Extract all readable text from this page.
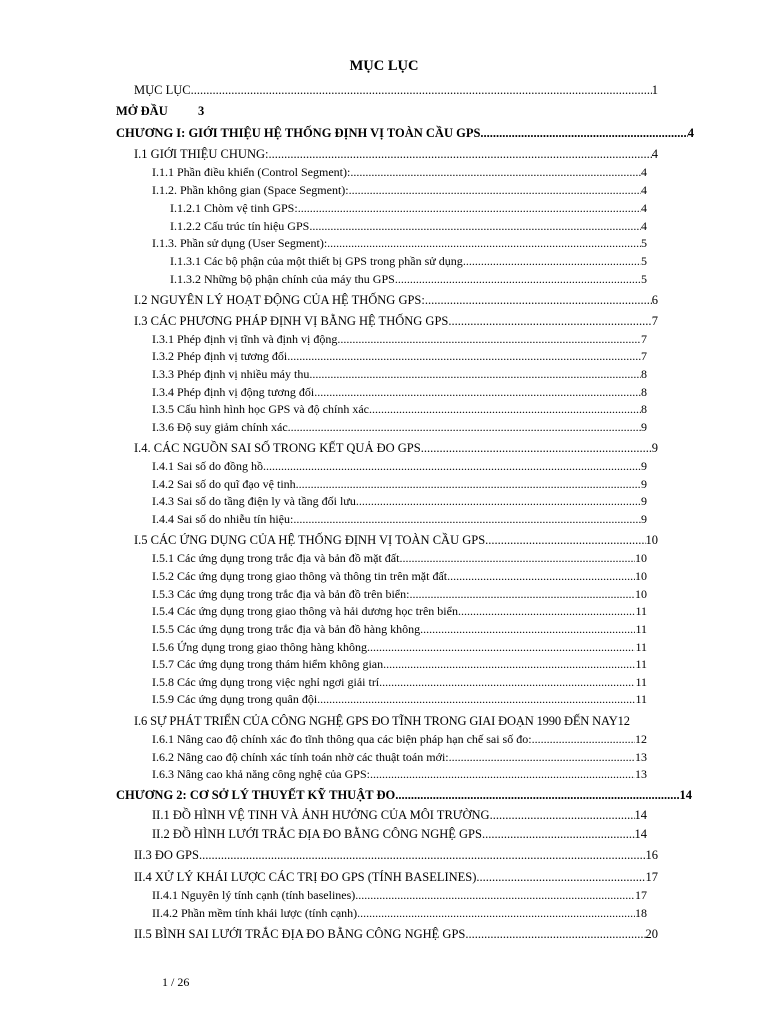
MỤC LỤC
MỤC LỤC .....	1
MỞ ĐẦU	3
CHƯƠNG I: GIỚI THIỆU HỆ THỐNG ĐỊNH VỊ TOÀN CẦU GPS .....	4
I.1 GIỚI THIỆU CHUNG: .....	4
I.1.1 Phần điều khiển (Control Segment): .....	4
I.1.2. Phần không gian (Space Segment): .....	4
I.1.2.1 Chòm vệ tinh GPS: .....	4
I.1.2.2 Cấu trúc tín hiệu GPS .....	4
I.1.3. Phần sử dụng (User Segment): .....	5
I.1.3.1 Các bộ phận của một thiết bị GPS trong phần sử dụng .....	5
I.1.3.2 Những bộ phận chính của máy thu GPS .....	5
I.2 NGUYÊN LÝ HOẠT ĐỘNG CỦA HỆ THỐNG GPS: .....	6
I.3 CÁC PHƯƠNG PHÁP ĐỊNH VỊ BẰNG HỆ THỐNG GPS .....	7
I.3.1 Phép định vị tĩnh và định vị động .....	7
I.3.2 Phép định vị tương đối .....	7
I.3.3 Phép định vị nhiều máy thu .....	8
I.3.4 Phép định vị động tương đối .....	8
I.3.5 Cấu hình hình học GPS và độ chính xác .....	8
I.3.6 Độ suy giảm chính xác .....	9
I.4. CÁC NGUỒN SAI SỐ TRONG KẾT QUẢ ĐO GPS .....	9
I.4.1 Sai số do đồng hồ .....	9
I.4.2 Sai số do quĩ đạo vệ tinh .....	9
I.4.3 Sai số do tầng điện ly và tầng đối lưu .....	9
I.4.4 Sai số do nhiễu tín hiệu: .....	9
I.5 CÁC ỨNG DỤNG CỦA HỆ THỐNG ĐỊNH VỊ TOÀN CẦU GPS .....	10
I.5.1 Các ứng dụng trong trắc địa và bản đồ mặt đất .....	10
I.5.2 Các ứng dụng trong giao thông và thông tin trên mặt đất .....	10
I.5.3 Các ứng dụng trong trắc địa và bản đồ trên biển: .....	10
I.5.4 Các ứng dụng trong giao thông và hải dương học trên biển .....	11
I.5.5 Các ứng dụng trong trắc địa và bản đồ hàng không .....	11
I.5.6 Ứng dụng trong giao thông hàng không .....	11
I.5.7 Các ứng dụng trong thám hiểm không gian .....	11
I.5.8 Các ứng dụng trong việc nghỉ ngơi giải trí .....	11
I.5.9 Các ứng dụng trong quân đội .....	11
I.6 SỰ PHÁT TRIỂN CỦA CÔNG NGHỆ GPS ĐO TĨNH TRONG GIAI ĐOẠN 1990 ĐẾN NAY 12
I.6.1 Nâng cao độ chính xác đo tĩnh thông qua các biện pháp hạn chế sai số đo: .....	12
I.6.2 Nâng cao độ chính xác tính toán nhờ các thuật toán mới: .....	13
I.6.3 Nâng cao khả năng công nghệ của GPS: .....	13
CHƯƠNG 2: CƠ SỞ LÝ THUYẾT KỸ THUẬT ĐO .....	14
II.1 ĐỒ HÌNH VỆ TINH VÀ ẢNH HƯỞNG CỦA MÔI TRƯỜNG .....	14
II.2 ĐỒ HÌNH LƯỚI TRẮC ĐỊA ĐO BẰNG CÔNG NGHỆ GPS .....	14
II.3 ĐO GPS .....	16
II.4 XỬ LÝ KHÁI LƯỢC CÁC TRỊ ĐO GPS (TÍNH BASELINES) .....	17
II.4.1 Nguyên lý tính cạnh (tính baselines) .....	17
II.4.2 Phần mềm tính khái lược (tính cạnh) .....	18
II.5 BÌNH SAI LƯỚI TRẮC ĐỊA ĐO BẰNG CÔNG NGHỆ GPS .....	20
1 / 26
